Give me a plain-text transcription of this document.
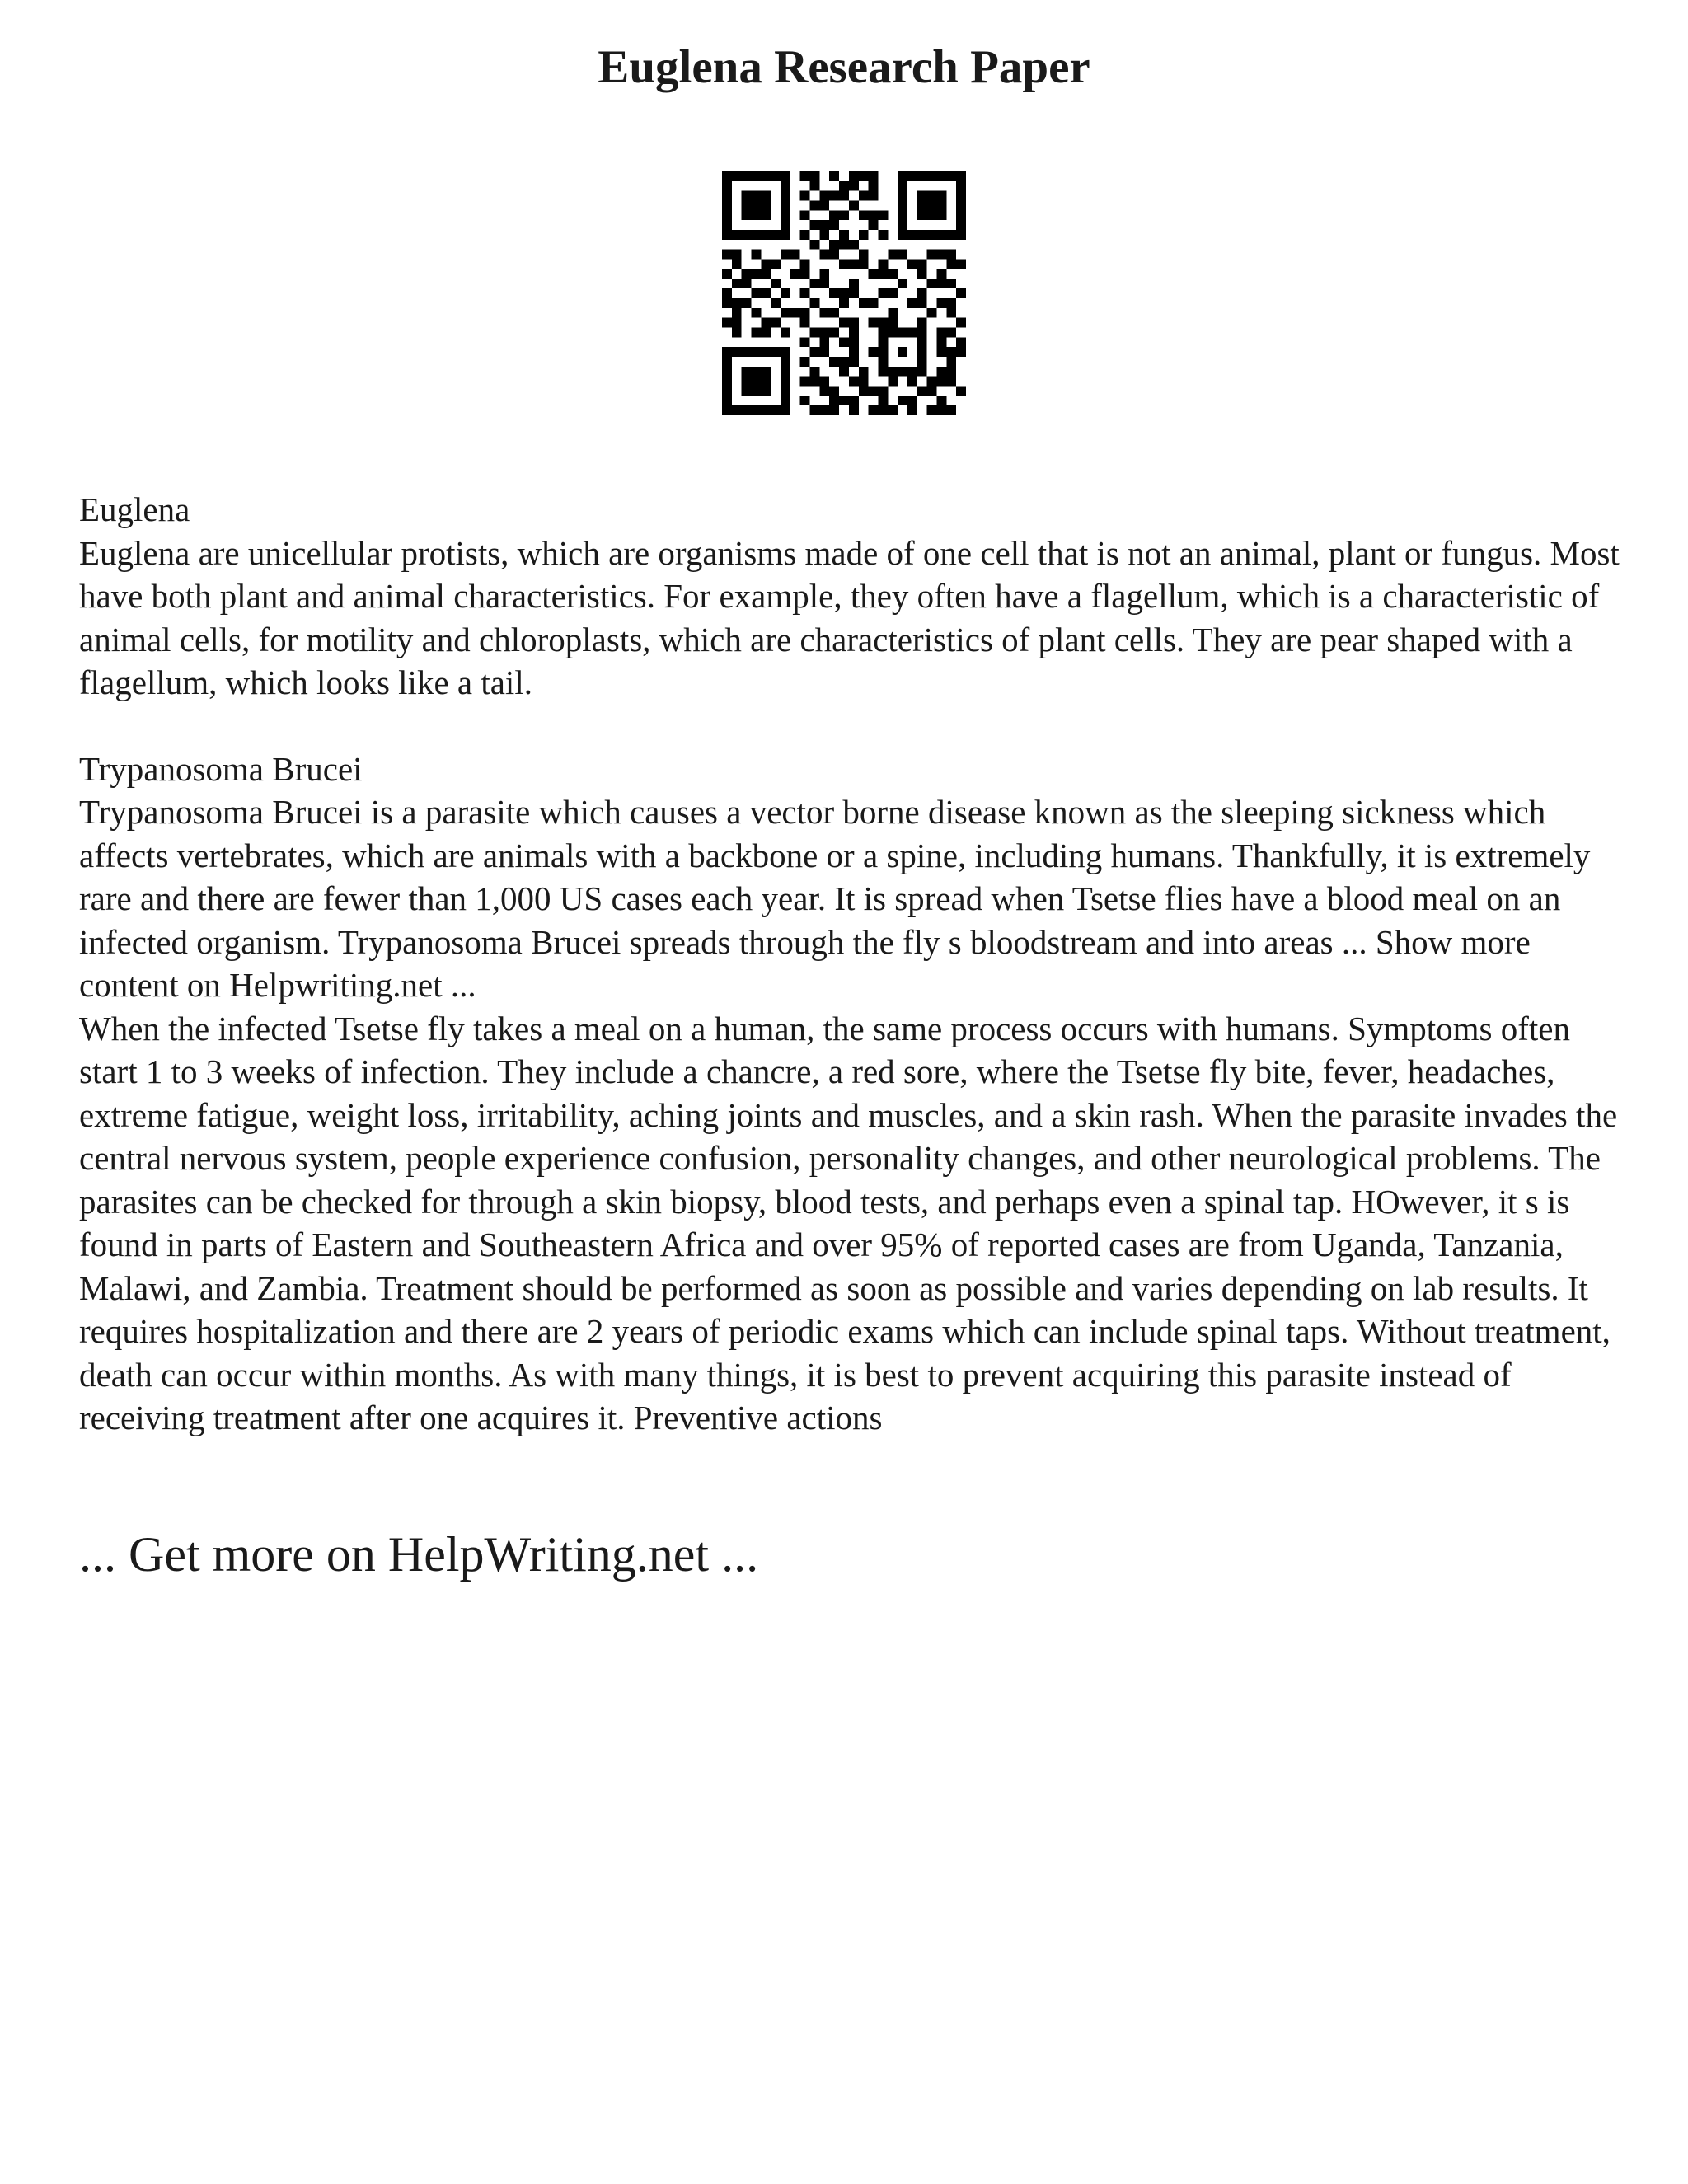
Euglena Research Paper

Euglena

Euglena are unicellular protists, which are organisms made of one cell that is not an animal, plant or fungus. Most have both plant and animal characteristics. For example, they often have a flagellum, which is a characteristic of animal cells, for motility and chloroplasts, which are characteristics of plant cells. They are pear shaped with a flagellum, which looks like a tail.

Trypanosoma Brucei

Trypanosoma Brucei is a parasite which causes a vector borne disease known as the sleeping sickness which affects vertebrates, which are animals with a backbone or a spine, including humans. Thankfully, it is extremely rare and there are fewer than 1,000 US cases each year. It is spread when Tsetse flies have a blood meal on an infected organism. Trypanosoma Brucei spreads through the fly s bloodstream and into areas ... Show more content on Helpwriting.net ...

When the infected Tsetse fly takes a meal on a human, the same process occurs with humans. Symptoms often start 1 to 3 weeks of infection. They include a chancre, a red sore, where the Tsetse fly bite, fever, headaches, extreme fatigue, weight loss, irritability, aching joints and muscles, and a skin rash. When the parasite invades the central nervous system, people experience confusion, personality changes, and other neurological problems. The parasites can be checked for through a skin biopsy, blood tests, and perhaps even a spinal tap. HOwever, it s is found in parts of Eastern and Southeastern Africa and over 95% of reported cases are from Uganda, Tanzania, Malawi, and Zambia. Treatment should be performed as soon as possible and varies depending on lab results. It requires hospitalization and there are 2 years of periodic exams which can include spinal taps. Without treatment, death can occur within months. As with many things, it is best to prevent acquiring this parasite instead of receiving treatment after one acquires it. Preventive actions

... Get more on HelpWriting.net ...
